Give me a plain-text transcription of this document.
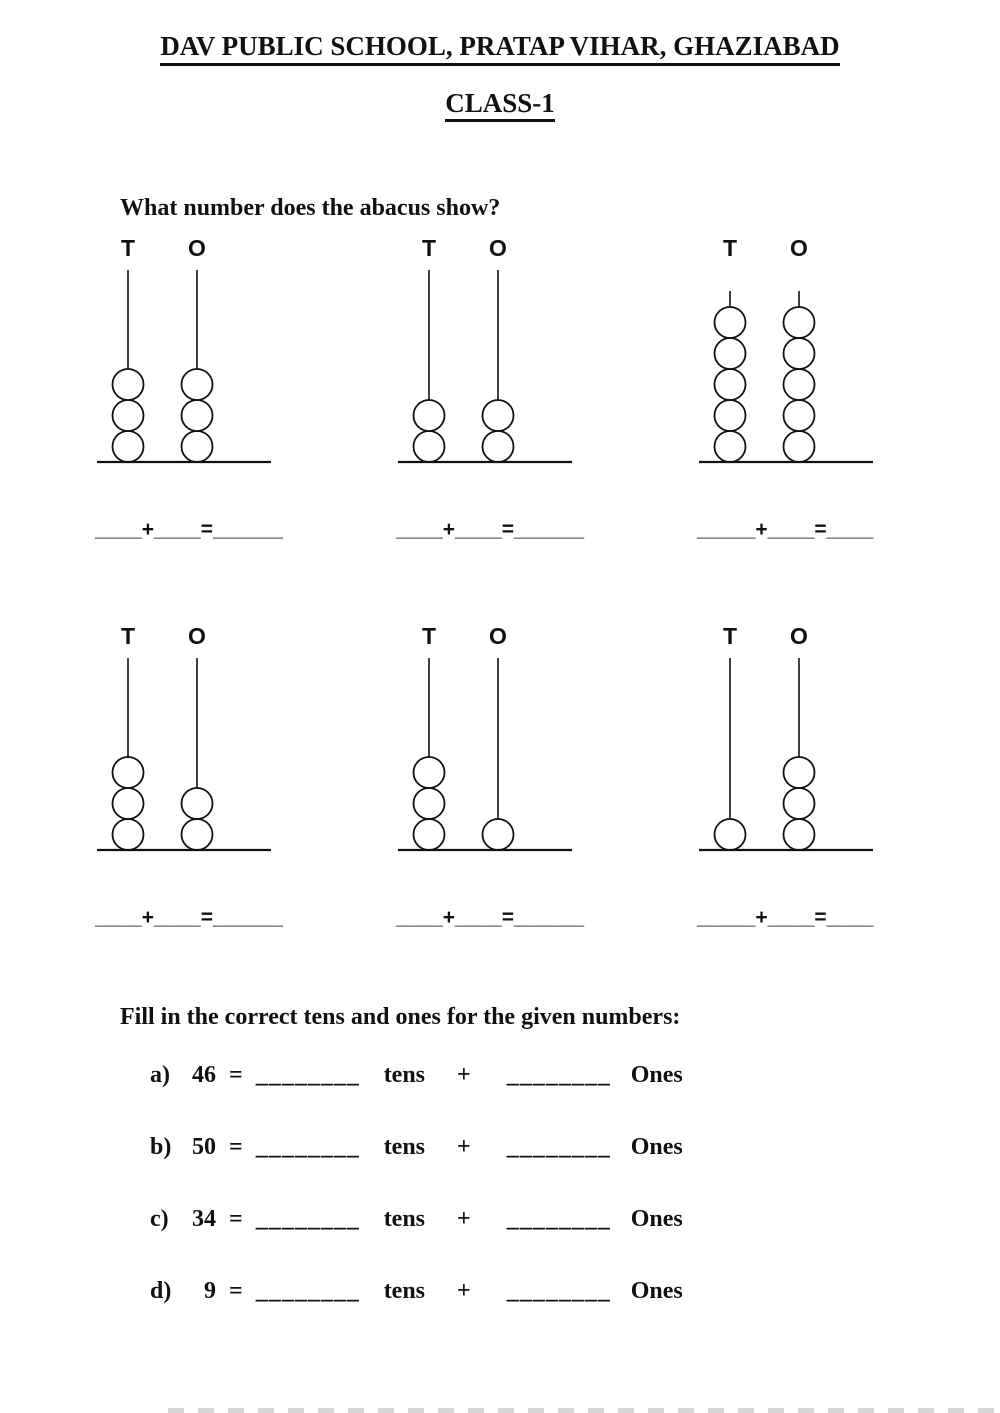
DAV PUBLIC SCHOOL, PRATAP VIHAR, GHAZIABAD
CLASS-1
What number does the abacus show?
T O
____+____=______
T O
____+____=______
T O
_____+____=____
T O
____+____=______
T O
____+____=______
T O
_____+____=____
Fill in the correct tens and ones for the given numbers:
a) 46 = ________ tens + ________ Ones
b) 50 = ________ tens + ________ Ones
c) 34 = ________ tens + ________ Ones
d)	9 = ________ tens + ________ Ones
